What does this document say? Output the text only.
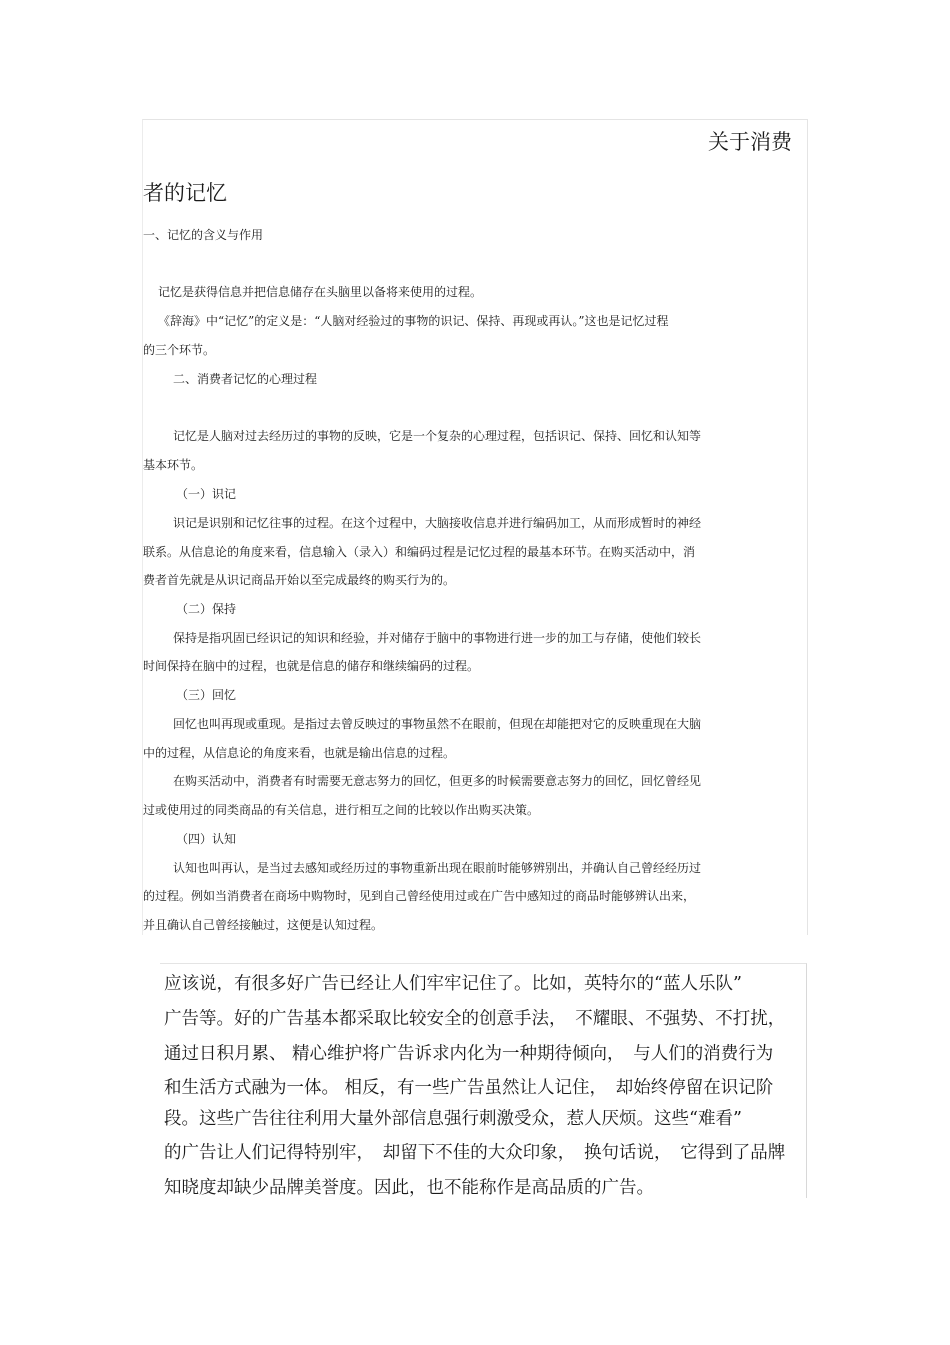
关于消费
者的记忆
一、记忆的含义与作用
记忆是获得信息并把信息储存在头脑里以备将来使用的过程。
《辞海》中“记忆”的定义是：“人脑对经验过的事物的识记、保持、再现或再认。”这也是记忆过程
的三个环节。
二、消费者记忆的心理过程
记忆是人脑对过去经历过的事物的反映，它是一个复杂的心理过程，包括识记、保持、回忆和认知等
基本环节。
（一）识记
识记是识别和记忆往事的过程。在这个过程中，大脑接收信息并进行编码加工，从而形成暂时的神经
联系。从信息论的角度来看，信息输入（录入）和编码过程是记忆过程的最基本环节。在购买活动中，消
费者首先就是从识记商品开始以至完成最终的购买行为的。
（二）保持
保持是指巩固已经识记的知识和经验，并对储存于脑中的事物进行进一步的加工与存储，使他们较长
时间保持在脑中的过程，也就是信息的储存和继续编码的过程。
（三）回忆
回忆也叫再现或重现。是指过去曾反映过的事物虽然不在眼前，但现在却能把对它的反映重现在大脑
中的过程，从信息论的角度来看，也就是输出信息的过程。
在购买活动中，消费者有时需要无意志努力的回忆，但更多的时候需要意志努力的回忆，回忆曾经见
过或使用过的同类商品的有关信息，进行相互之间的比较以作出购买决策。
（四）认知
认知也叫再认，是当过去感知或经历过的事物重新出现在眼前时能够辨别出，并确认自己曾经经历过
的过程。例如当消费者在商场中购物时，见到自己曾经使用过或在广告中感知过的商品时能够辨认出来，
并且确认自己曾经接触过，这便是认知过程。
应该说，有很多好广告已经让人们牢牢记住了。比如，英特尔的“蓝人乐队”
广告等。好的广告基本都采取比较安全的创意手法，　不耀眼、不强势、不打扰，
通过日积月累、 精心维护将广告诉求内化为一种期待倾向，　与人们的消费行为
和生活方式融为一体。 相反，有一些广告虽然让人记住，　却始终停留在识记阶
段。这些广告往往利用大量外部信息强行刺激受众，惹人厌烦。这些“难看”
的广告让人们记得特别牢，　却留下不佳的大众印象，　换句话说，　它得到了品牌
知晓度却缺少品牌美誉度。因此，也不能称作是高品质的广告。
